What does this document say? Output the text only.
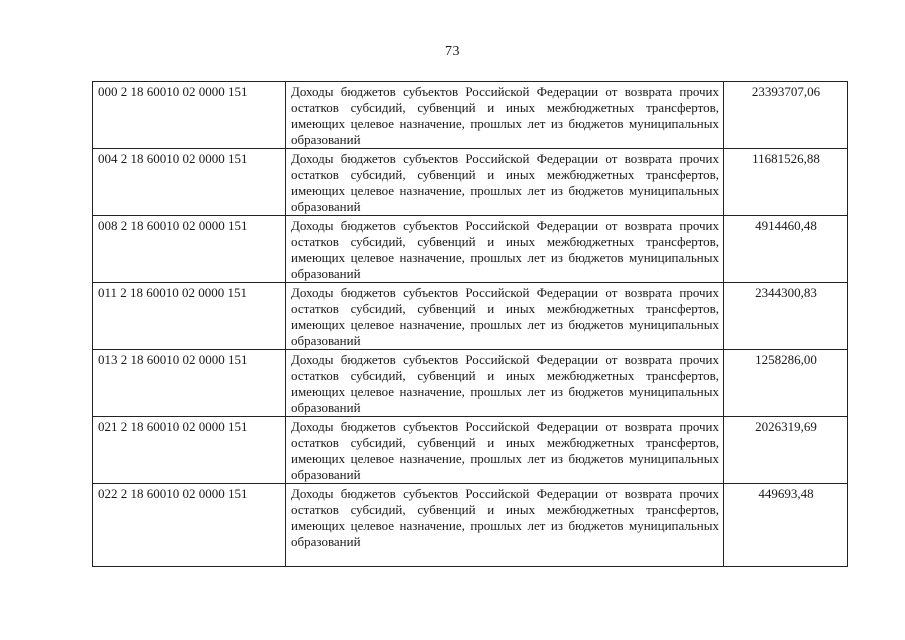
73
000 2 18 60010 02 0000 151	Доходы бюджетов субъектов Российской Федерации от возврата прочих остатков субсидий, субвенций и иных межбюджетных трансфертов, имеющих целевое назначение, прошлых лет из бюджетов муниципальных образований	23393707,06
004 2 18 60010 02 0000 151	Доходы бюджетов субъектов Российской Федерации от возврата прочих остатков субсидий, субвенций и иных межбюджетных трансфертов, имеющих целевое назначение, прошлых лет из бюджетов муниципальных образований	11681526,88
008 2 18 60010 02 0000 151	Доходы бюджетов субъектов Российской Федерации от возврата прочих остатков субсидий, субвенций и иных межбюджетных трансфертов, имеющих целевое назначение, прошлых лет из бюджетов муниципальных образований	4914460,48
011 2 18 60010 02 0000 151	Доходы бюджетов субъектов Российской Федерации от возврата прочих остатков субсидий, субвенций и иных межбюджетных трансфертов, имеющих целевое назначение, прошлых лет из бюджетов муниципальных образований	2344300,83
013 2 18 60010 02 0000 151	Доходы бюджетов субъектов Российской Федерации от возврата прочих остатков субсидий, субвенций и иных межбюджетных трансфертов, имеющих целевое назначение, прошлых лет из бюджетов муниципальных образований	1258286,00
021 2 18 60010 02 0000 151	Доходы бюджетов субъектов Российской Федерации от возврата прочих остатков субсидий, субвенций и иных межбюджетных трансфертов, имеющих целевое назначение, прошлых лет из бюджетов муниципальных образований	2026319,69
022 2 18 60010 02 0000 151	Доходы бюджетов субъектов Российской Федерации от возврата прочих остатков субсидий, субвенций и иных межбюджетных трансфертов, имеющих целевое назначение, прошлых лет из бюджетов муниципальных образований	449693,48
